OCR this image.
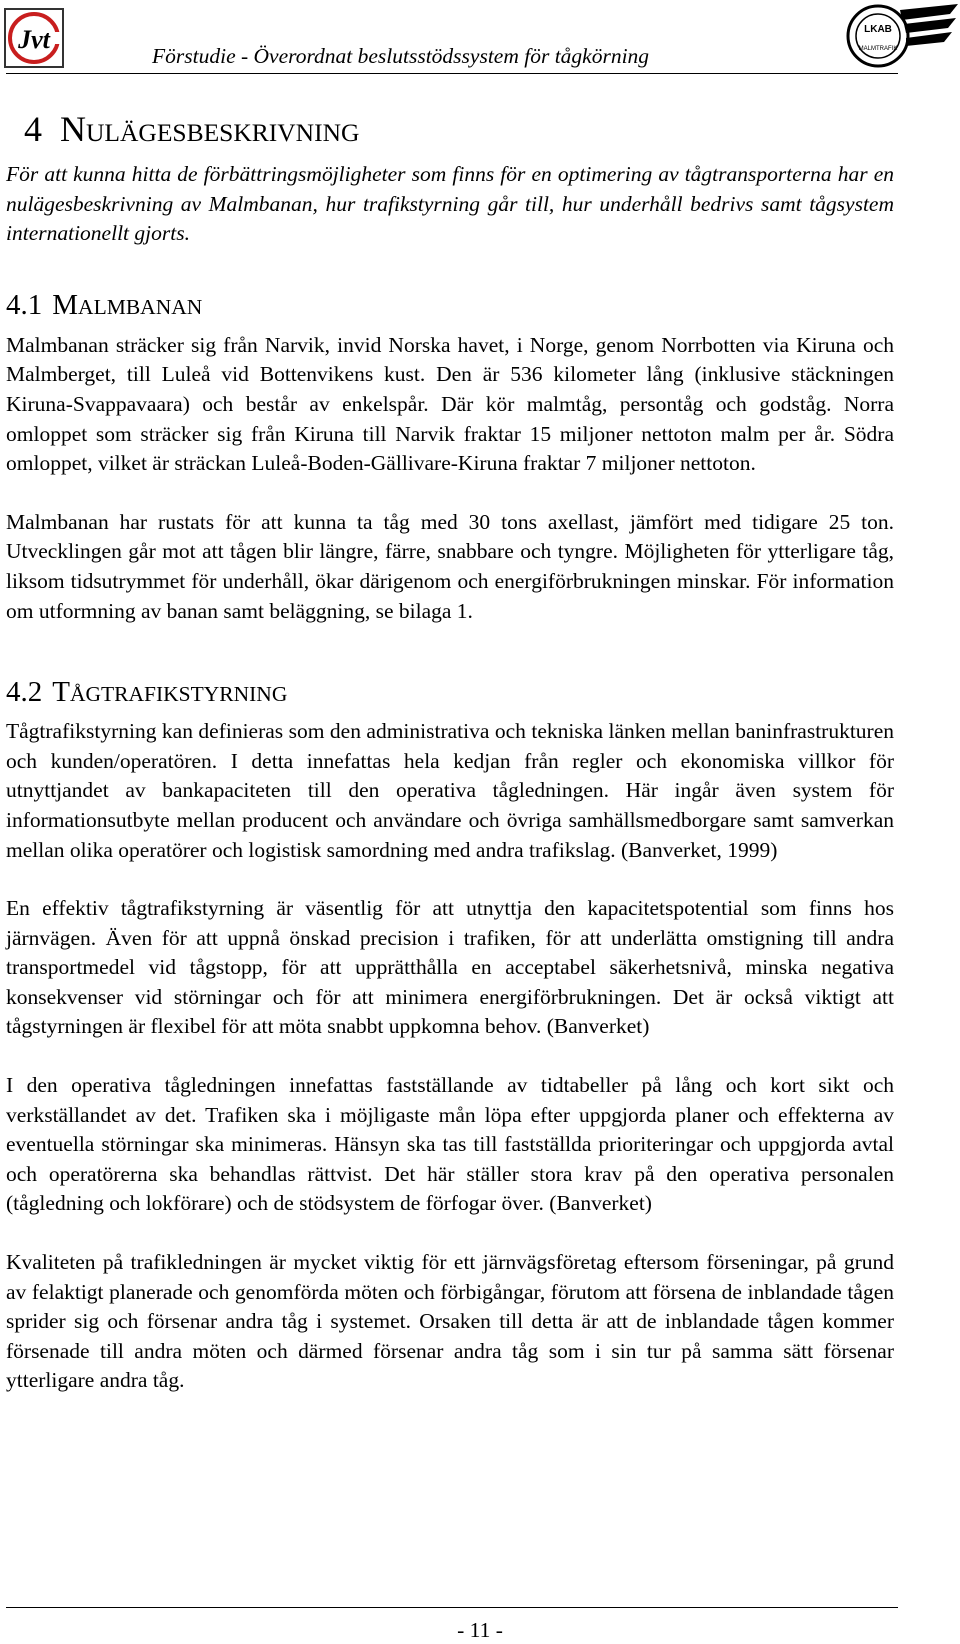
Jvt
Förstudie - Överordnat beslutsstödssystem för tågkörning
LKAB
MALMTRAFIK
4 NULÄGESBESKRIVNING

För att kunna hitta de förbättringsmöjligheter som finns för en optimering av tågtransporterna har en nulägesbeskrivning av Malmbanan, hur trafikstyrning går till, hur underhåll bedrivs samt tågsystem internationellt gjorts.

4.1 MALMBANAN

Malmbanan sträcker sig från Narvik, invid Norska havet, i Norge, genom Norrbotten via Kiruna och Malmberget, till Luleå vid Bottenvikens kust. Den är 536 kilometer lång (inklusive stäckningen Kiruna-Svappavaara) och består av enkelspår. Där kör malmtåg, persontåg och godståg. Norra omloppet som sträcker sig från Kiruna till Narvik fraktar 15 miljoner nettoton malm per år. Södra omloppet, vilket är sträckan Luleå-Boden-Gällivare-Kiruna fraktar 7 miljoner nettoton.

Malmbanan har rustats för att kunna ta tåg med 30 tons axellast, jämfört med tidigare 25 ton. Utvecklingen går mot att tågen blir längre, färre, snabbare och tyngre. Möjligheten för ytterligare tåg, liksom tidsutrymmet för underhåll, ökar därigenom och energiförbrukningen minskar. För information om utformning av banan samt beläggning, se bilaga 1.

4.2 TÅGTRAFIKSTYRNING

Tågtrafikstyrning kan definieras som den administrativa och tekniska länken mellan baninfrastrukturen och kunden/operatören. I detta innefattas hela kedjan från regler och ekonomiska villkor för utnyttjandet av bankapaciteten till den operativa tågledningen. Här ingår även system för informationsutbyte mellan producent och användare och övriga samhällsmedborgare samt samverkan mellan olika operatörer och logistisk samordning med andra trafikslag. (Banverket, 1999)

En effektiv tågtrafikstyrning är väsentlig för att utnyttja den kapacitetspotential som finns hos järnvägen. Även för att uppnå önskad precision i trafiken, för att underlätta omstigning till andra transportmedel vid tågstopp, för att upprätthålla en acceptabel säkerhetsnivå, minska negativa konsekvenser vid störningar och för att minimera energiförbrukningen. Det är också viktigt att tågstyrningen är flexibel för att möta snabbt uppkomna behov. (Banverket)

I den operativa tågledningen innefattas fastställande av tidtabeller på lång och kort sikt och verkställandet av det. Trafiken ska i möjligaste mån löpa efter uppgjorda planer och effekterna av eventuella störningar ska minimeras. Hänsyn ska tas till fastställda prioriteringar och uppgjorda avtal och operatörerna ska behandlas rättvist. Det här ställer stora krav på den operativa personalen (tågledning och lokförare) och de stödsystem de förfogar över. (Banverket)

Kvaliteten på trafikledningen är mycket viktig för ett järnvägsföretag eftersom förseningar, på grund av felaktigt planerade och genomförda möten och förbigångar, förutom att försena de inblandade tågen sprider sig och försenar andra tåg i systemet. Orsaken till detta är att de inblandade tågen kommer försenade till andra möten och därmed försenar andra tåg som i sin tur på samma sätt försenar ytterligare andra tåg.

- 11 -
